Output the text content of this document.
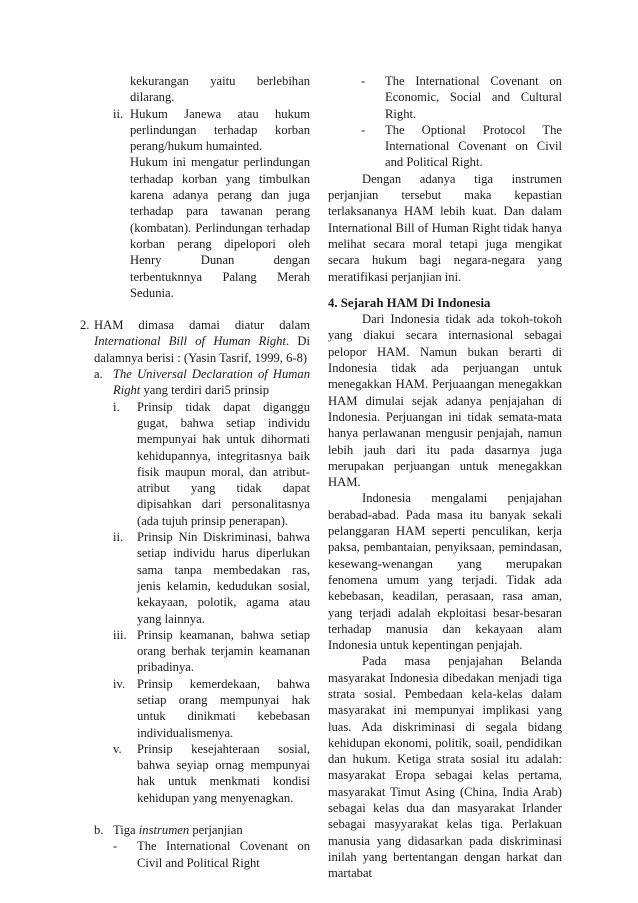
kekurangan yaitu berlebihan dilarang.

ii. Hukum Janewa atau hukum perlindungan terhadap korban perang/hukum humainted.

Hukum ini mengatur perlindungan terhadap korban yang timbulkan karena adanya perang dan juga terhadap para tawanan perang (kombatan). Perlindungan terhadap korban perang dipelopori oleh Henry Dunan dengan terbentuknnya Palang Merah Sedunia.

2. HAM dimasa damai diatur dalam International Bill of Human Right. Di dalamnya berisi : (Yasin Tasrif, 1999, 6-8)
a. The Universal Declaration of Human Right yang terdiri dari5 prinsip
i.	Prinsip tidak dapat diganggu gugat, bahwa setiap individu mempunyai hak untuk dihormati kehidupannya, integritasnya baik fisik maupun moral, dan atribut-atribut yang tidak dapat dipisahkan dari personalitasnya (ada tujuh prinsip penerapan).
ii.	Prinsip Nin Diskriminasi, bahwa setiap individu harus diperlukan sama tanpa membedakan ras, jenis kelamin, kedudukan sosial, kekayaan, polotik, agama atau yang lainnya.
iii. Prinsip keamanan, bahwa setiap orang berhak terjamin keamanan pribadinya.
iv. Prinsip kemerdekaan, bahwa setiap orang mempunyai hak untuk dinikmati kebebasan individualismenya.
v.	Prinsip kesejahteraan sosial, bahwa seyiap ornag mempunyai hak untuk menkmati kondisi kehidupan yang menyenagkan.
b. Tiga instrumen perjanjian
-	The International Covenant on Civil and Political Right
-	The International Covenant on Economic, Social and Cultural Right.
-	The Optional Protocol The International Covenant on Civil and Political Right.

Dengan adanya tiga instrumen perjanjian tersebut maka kepastian terlaksananya HAM lebih kuat. Dan dalam International Bill of Human Right tidak hanya melihat secara moral tetapi juga mengikat secara hukum bagi negara-negara yang meratifikasi perjanjian ini.

4. Sejarah HAM Di Indonesia

Dari Indonesia tidak ada tokoh-tokoh yang diakui secara internasional sebagai pelopor HAM. Namun bukan berarti di Indonesia tidak ada perjuangan untuk menegakkan HAM. Perjuaangan menegakkan HAM dimulai sejak adanya penjajahan di Indonesia. Perjuangan ini tidak semata-mata hanya perlawanan mengusir penjajah, namun lebih jauh dari itu pada dasarnya juga merupakan perjuangan untuk menegakkan HAM.

Indonesia mengalami penjajahan berabad-abad. Pada masa itu banyak sekali pelanggaran HAM seperti penculikan, kerja paksa, pembantaian, penyiksaan, pemindasan, kesewang-wenangan yang merupakan fenomena umum yang terjadi. Tidak ada kebebasan, keadilan, perasaan, rasa aman, yang terjadi adalah ekploitasi besar-besaran terhadap manusia dan kekayaan alam Indonesia untuk kepentingan penjajah.

Pada masa penjajahan Belanda masyarakat Indonesia dibedakan menjadi tiga strata sosial. Pembedaan kela-kelas dalam masyarakat ini mempunyai implikasi yang luas. Ada diskriminasi di segala bidang kehidupan ekonomi, politik, soail, pendidikan dan hukum. Ketiga strata sosial itu adalah: masyarakat Eropa sebagai kelas pertama, masyarakat Timut Asing (China, India Arab) sebagai kelas dua dan masyarakat Irlander sebagai masyyarakat kelas tiga. Perlakuan manusia yang didasarkan pada diskriminasi inilah yang bertentangan dengan harkat dan martabat
